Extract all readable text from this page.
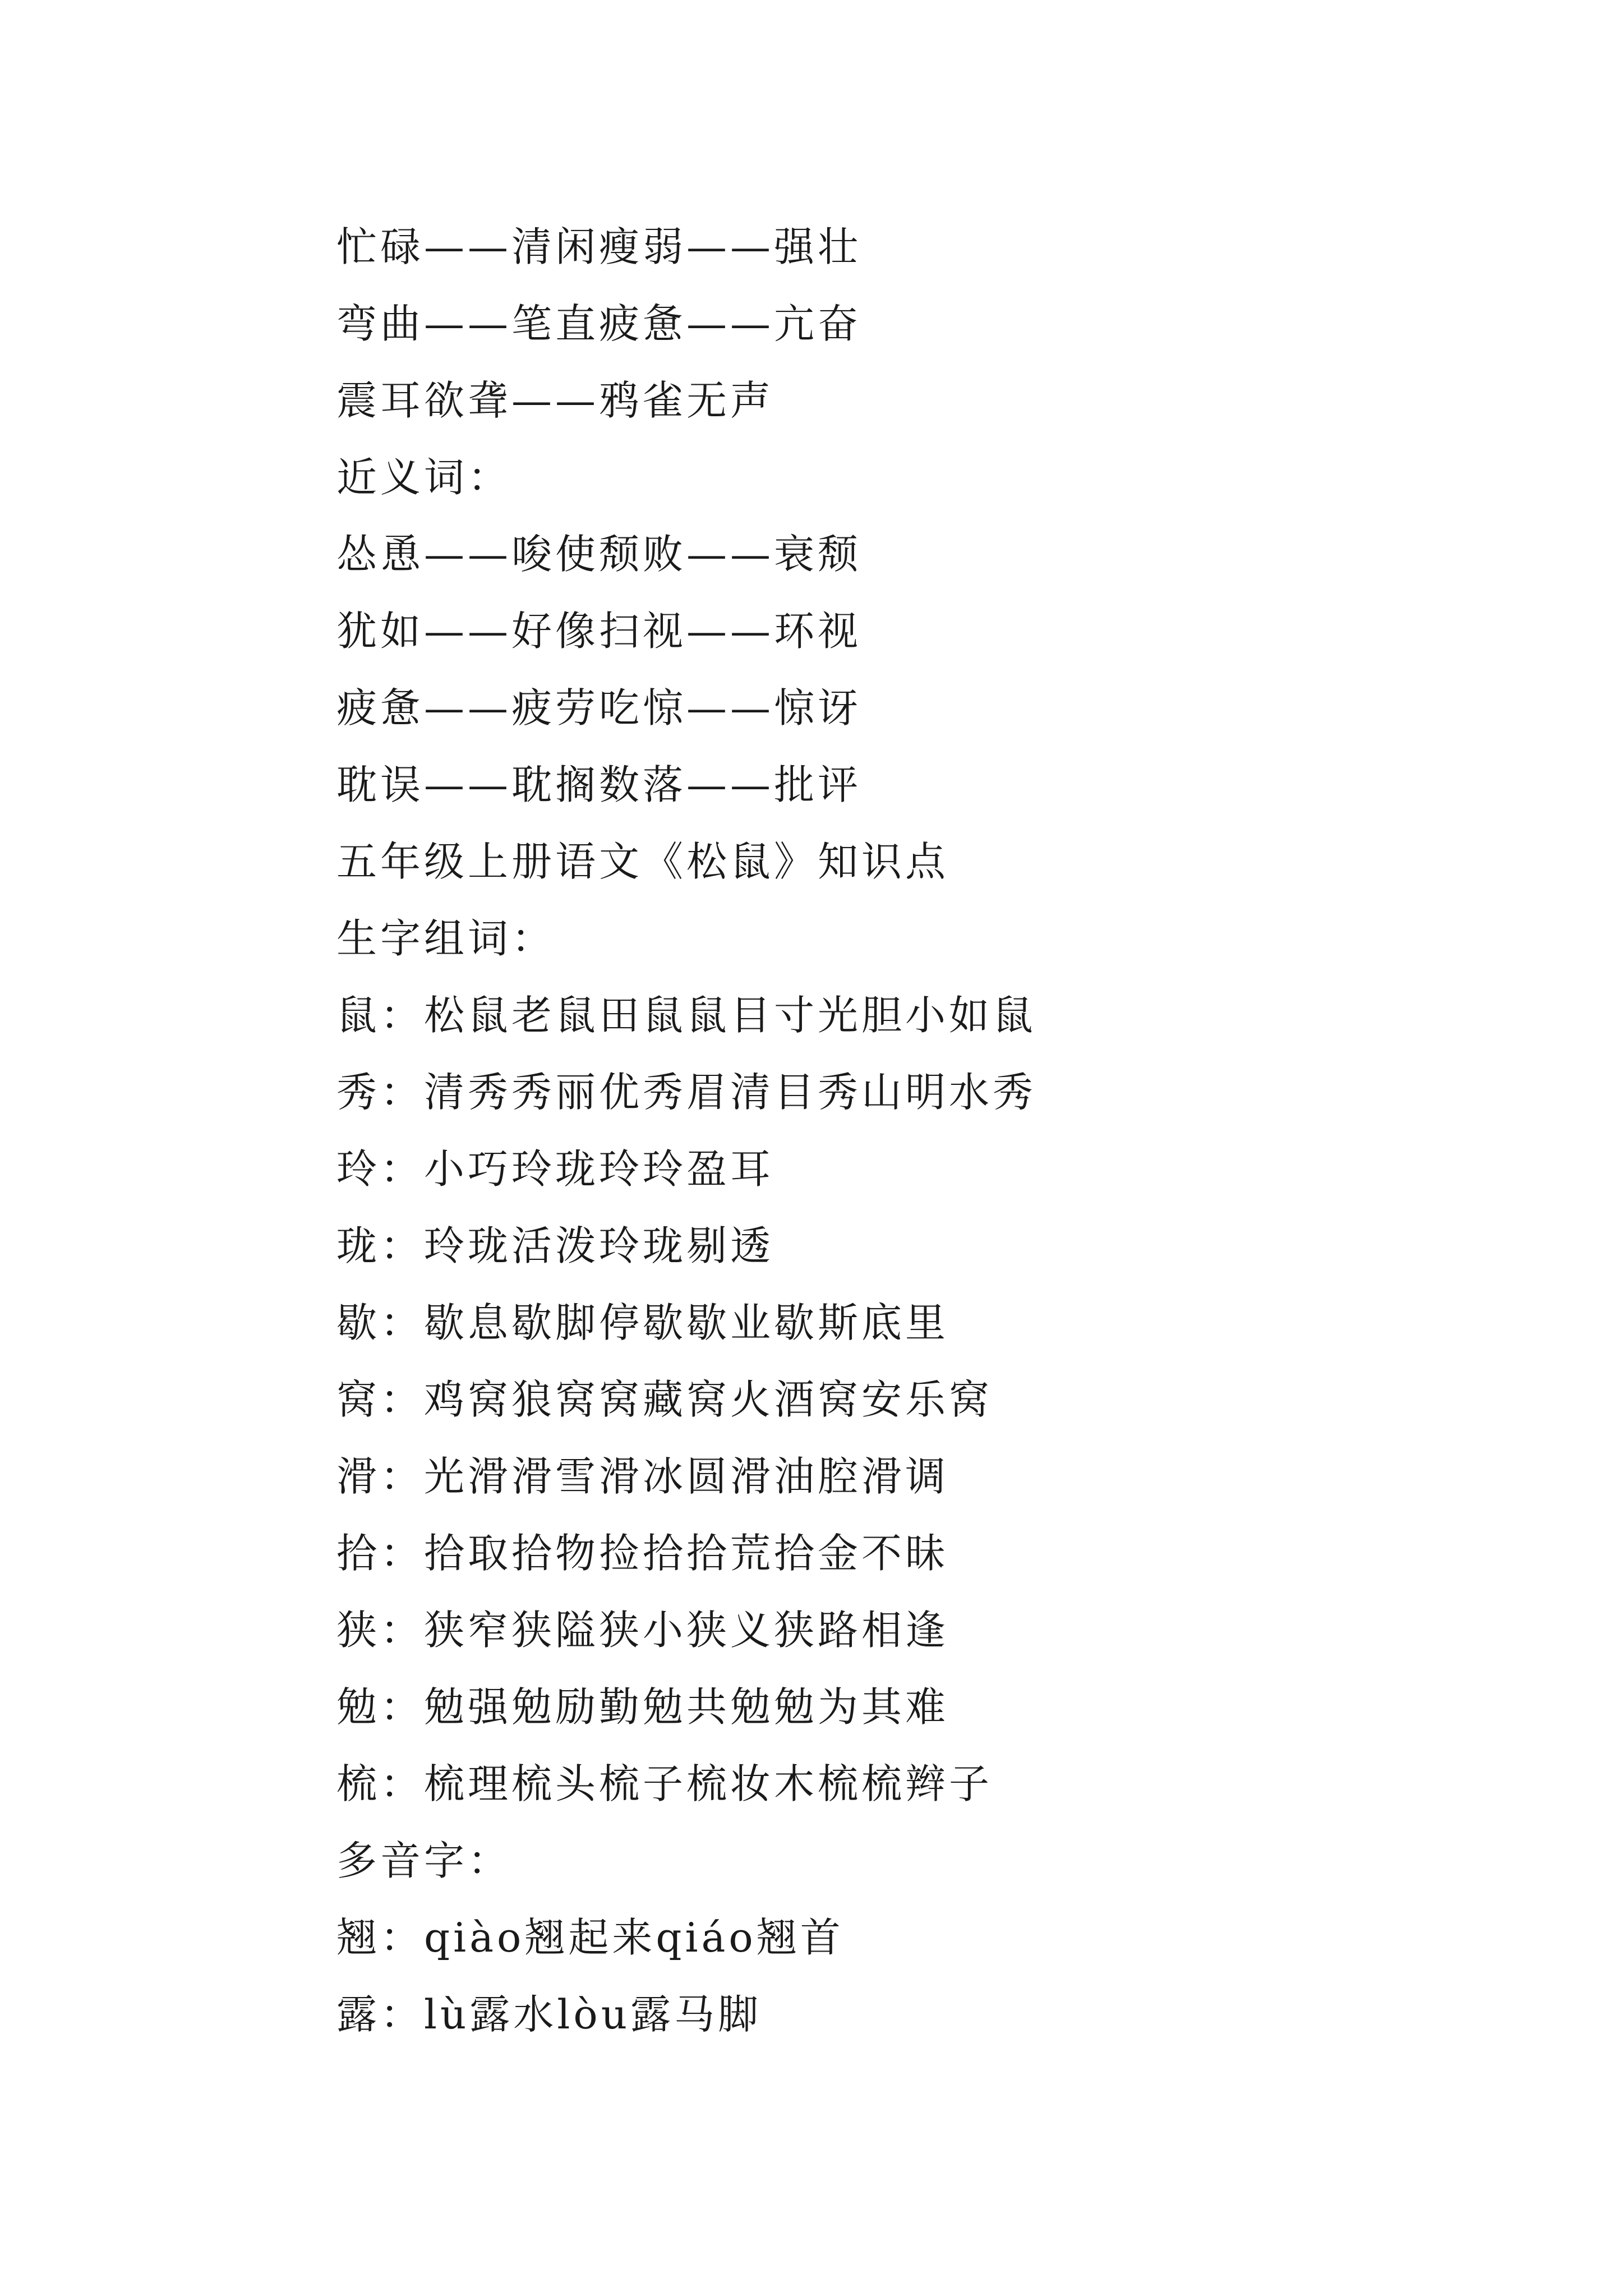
忙碌——清闲瘦弱——强壮
弯曲——笔直疲惫——亢奋
震耳欲聋——鸦雀无声
近义词：
怂恿——唆使颓败——衰颓
犹如——好像扫视——环视
疲惫——疲劳吃惊——惊讶
耽误——耽搁数落——批评
五年级上册语文《松鼠》知识点
生字组词：
鼠：松鼠老鼠田鼠鼠目寸光胆小如鼠
秀：清秀秀丽优秀眉清目秀山明水秀
玲：小巧玲珑玲玲盈耳
珑：玲珑活泼玲珑剔透
歇：歇息歇脚停歇歇业歇斯底里
窝：鸡窝狼窝窝藏窝火酒窝安乐窝
滑：光滑滑雪滑冰圆滑油腔滑调
拾：拾取拾物捡拾拾荒拾金不昧
狭：狭窄狭隘狭小狭义狭路相逢
勉：勉强勉励勤勉共勉勉为其难
梳：梳理梳头梳子梳妆木梳梳辫子
多音字：
翘：qiào翘起来qiáo翘首
露：lù露水lòu露马脚
